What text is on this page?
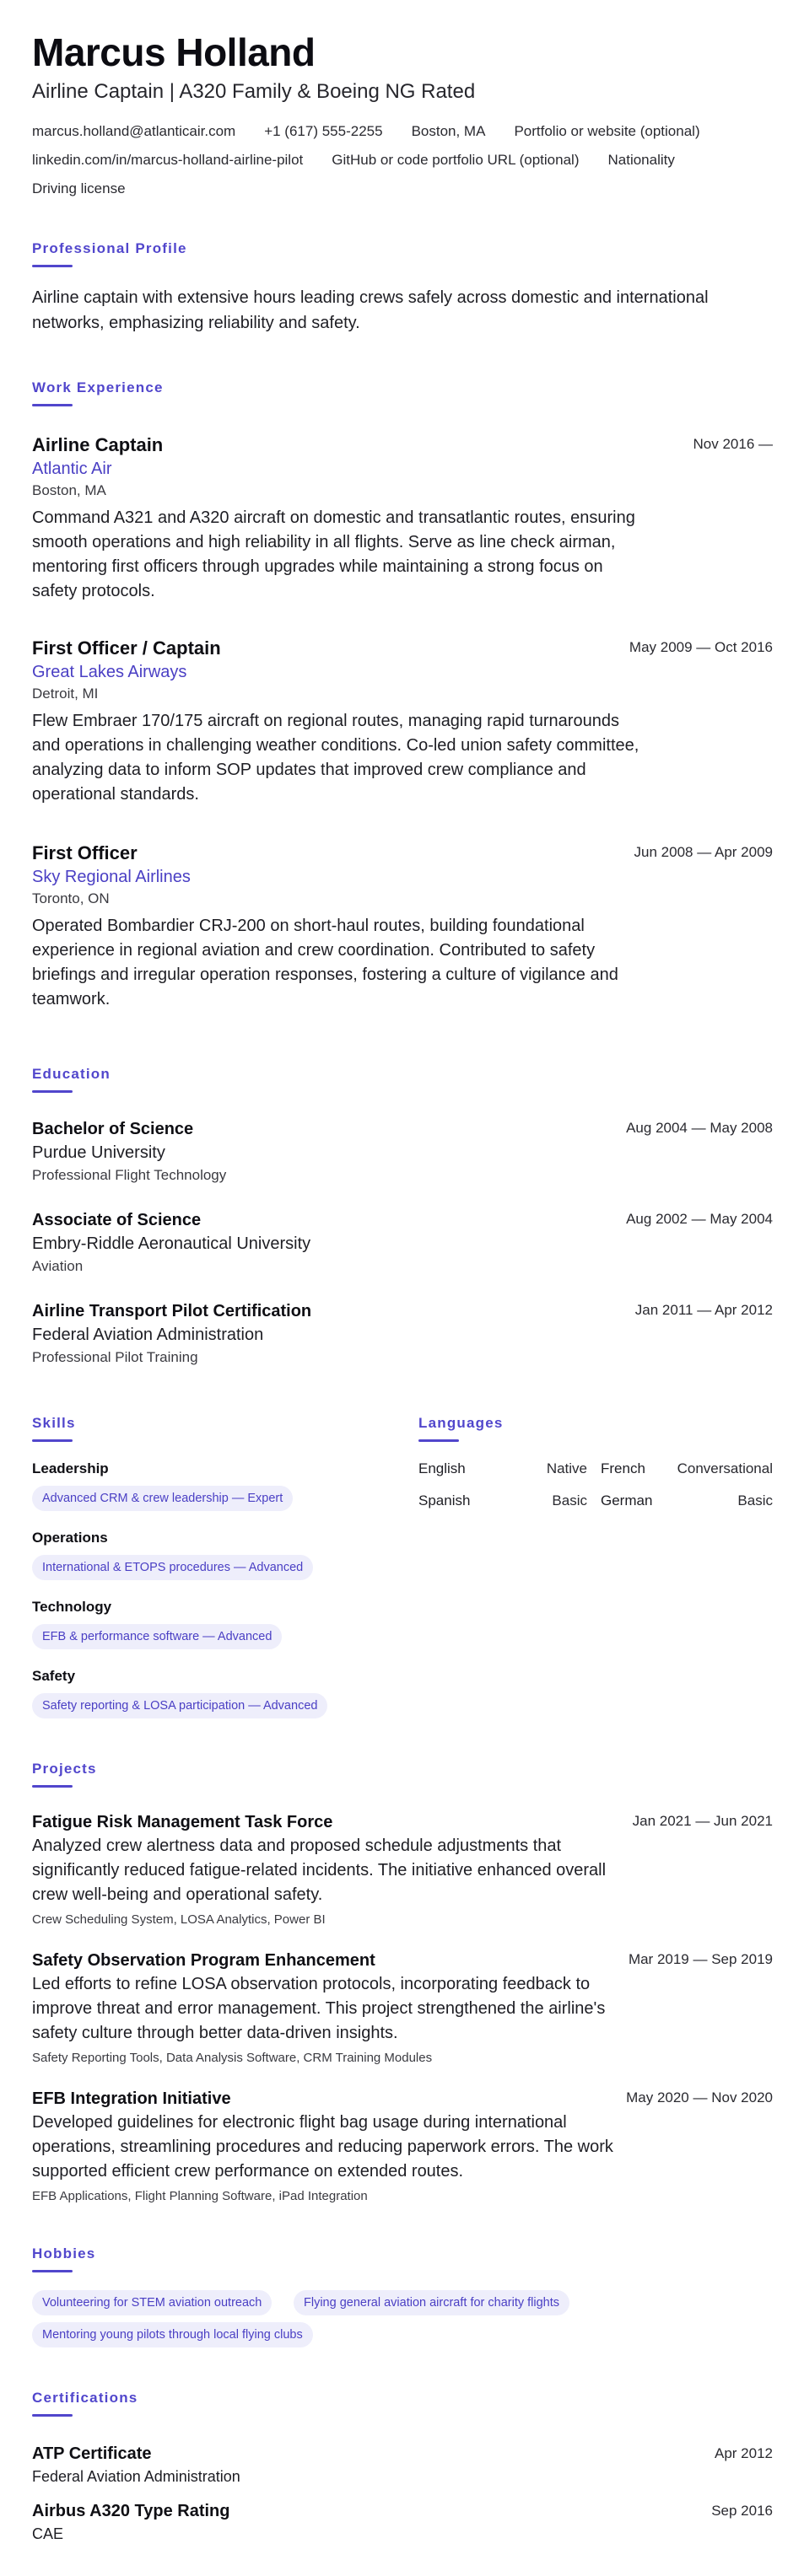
Marcus Holland
Airline Captain | A320 Family & Boeing NG Rated
marcus.holland@atlanticair.com +1 (617) 555-2255 Boston, MA Portfolio or website (optional)
linkedin.com/in/marcus-holland-airline-pilot GitHub or code portfolio URL (optional) Nationality
Driving license
Professional Profile
Airline captain with extensive hours leading crews safely across domestic and international networks, emphasizing reliability and safety.
Work Experience
Airline Captain
Atlantic Air
Boston, MA
Command A321 and A320 aircraft on domestic and transatlantic routes, ensuring smooth operations and high reliability in all flights. Serve as line check airman, mentoring first officers through upgrades while maintaining a strong focus on safety protocols.
Nov 2016 —
First Officer / Captain
Great Lakes Airways
Detroit, MI
Flew Embraer 170/175 aircraft on regional routes, managing rapid turnarounds and operations in challenging weather conditions. Co-led union safety committee, analyzing data to inform SOP updates that improved crew compliance and operational standards.
May 2009 — Oct 2016
First Officer
Sky Regional Airlines
Toronto, ON
Operated Bombardier CRJ-200 on short-haul routes, building foundational experience in regional aviation and crew coordination. Contributed to safety briefings and irregular operation responses, fostering a culture of vigilance and teamwork.
Jun 2008 — Apr 2009
Education
Bachelor of Science
Purdue University
Professional Flight Technology
Aug 2004 — May 2008
Associate of Science
Embry-Riddle Aeronautical University
Aviation
Aug 2002 — May 2004
Airline Transport Pilot Certification
Federal Aviation Administration
Professional Pilot Training
Jan 2011 — Apr 2012
Skills
Leadership
Advanced CRM & crew leadership — Expert
Operations
International & ETOPS procedures — Advanced
Technology
EFB & performance software — Advanced
Safety
Safety reporting & LOSA participation — Advanced
Languages
English	Native French Conversational
Spanish	Basic German	Basic
Projects
Fatigue Risk Management Task Force
Analyzed crew alertness data and proposed schedule adjustments that significantly reduced fatigue-related incidents. The initiative enhanced overall crew well-being and operational safety.
Crew Scheduling System, LOSA Analytics, Power BI
Jan 2021 — Jun 2021
Safety Observation Program Enhancement
Led efforts to refine LOSA observation protocols, incorporating feedback to improve threat and error management. This project strengthened the airline's safety culture through better data-driven insights.
Safety Reporting Tools, Data Analysis Software, CRM Training Modules
Mar 2019 — Sep 2019
EFB Integration Initiative
Developed guidelines for electronic flight bag usage during international operations, streamlining procedures and reducing paperwork errors. The work supported efficient crew performance on extended routes.
EFB Applications, Flight Planning Software, iPad Integration
May 2020 — Nov 2020
Hobbies
Volunteering for STEM aviation outreach	Flying general aviation aircraft for charity flights
Mentoring young pilots through local flying clubs
Certifications
ATP Certificate
Federal Aviation Administration
Apr 2012
Airbus A320 Type Rating
CAE
Sep 2016
